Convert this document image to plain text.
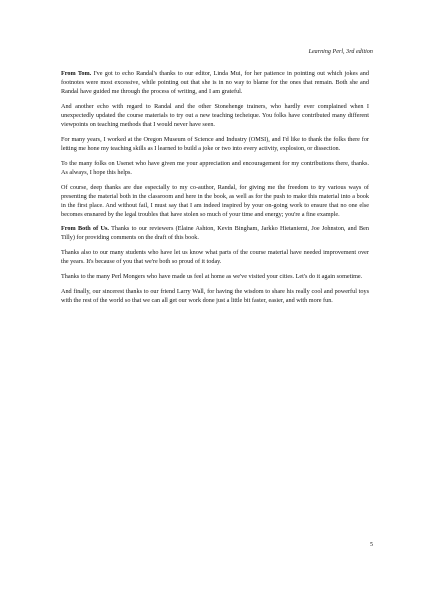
Learning Perl, 3rd edition

From Tom. I've got to echo Randal's thanks to our editor, Linda Mui, for her patience in pointing out which jokes and footnotes were most excessive, while pointing out that she is in no way to blame for the ones that remain. Both she and Randal have guided me through the process of writing, and I am grateful.

And another echo with regard to Randal and the other Stonehenge trainers, who hardly ever complained when I unexpectedly updated the course materials to try out a new teaching techeique. You folks have contributed many different viewpoints on teaching methods that I would never have seen.

For many years, I worked at the Oregon Museum of Science and Industry (OMSI), and I'd like to thank the folks there for letting me hone my teaching skills as I learned to build a joke or two into every activity, explosion, or dissection.

To the many folks on Usenet who have given me your appreciation and encouragement for my contributions there, thanks. As always, I hope this helps.

Of course, deep thanks are due especially to my co-author, Randal, for giving me the freedom to try various ways of presenting the material both in the classroom and here in the book, as well as for the push to make this material into a book in the first place. And without fail, I must say that I am indeed inspired by your on-going work to ensure that no one else becomes ensnared by the legal troubles that have stolen so much of your time and energy; you're a fine example.

From Both of Us. Thanks to our reviewers (Elaine Ashton, Kevin Bingham, Jarkko Hietaniemi, Joe Johnston, and Ben Tilly) for providing comments on the draft of this book.

Thanks also to our many students who have let us know what parts of the course material have needed improvement over the years. It's because of you that we're both so proud of it today.

Thanks to the many Perl Mongers who have made us feel at home as we've visited your cities. Let's do it again sometime.

And finally, our sincerest thanks to our friend Larry Wall, for having the wisdom to share his really cool and powerful toys with the rest of the world so that we can all get our work done just a little bit faster, easier, and with more fun.

5
